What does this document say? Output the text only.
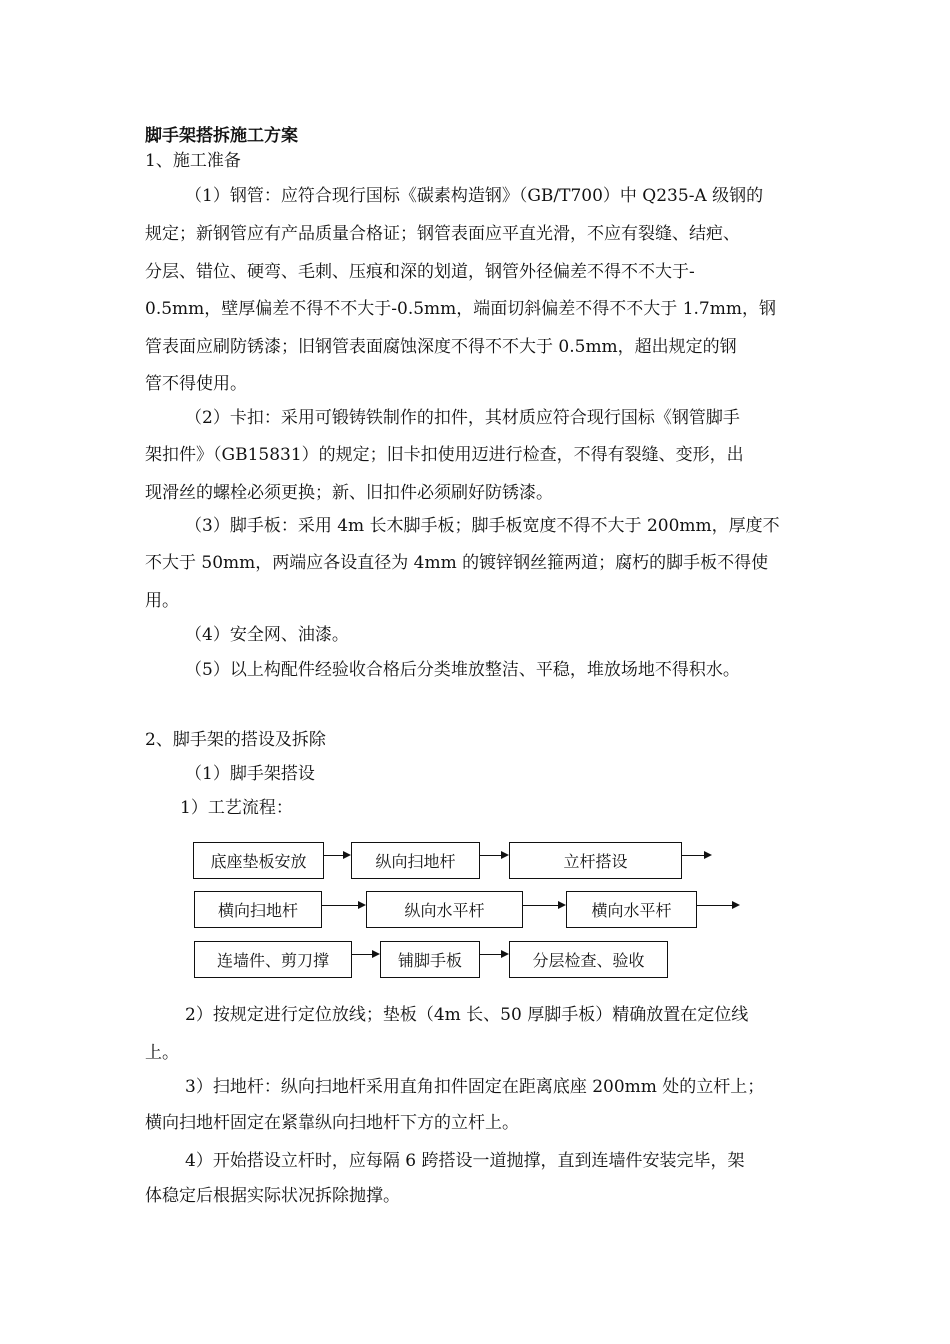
脚手架搭拆施工方案
1、施工准备
（1）钢管：应符合现行国标《碳素构造钢》（GB/T700）中 Q235-A 级钢的
规定；新钢管应有产品质量合格证；钢管表面应平直光滑，不应有裂缝、结疤、
分层、错位、硬弯、毛刺、压痕和深的划道，钢管外径偏差不得不不大于-
0.5mm，壁厚偏差不得不不大于-0.5mm，端面切斜偏差不得不不大于 1.7mm，钢
管表面应刷防锈漆；旧钢管表面腐蚀深度不得不不大于 0.5mm，超出规定的钢
管不得使用。
（2）卡扣：采用可锻铸铁制作的扣件，其材质应符合现行国标《钢管脚手
架扣件》（GB15831）的规定；旧卡扣使用迈进行检查，不得有裂缝、变形，出
现滑丝的螺栓必须更换；新、旧扣件必须刷好防锈漆。
（3）脚手板：采用 4m 长木脚手板；脚手板宽度不得不大于 200mm，厚度不
不大于 50mm，两端应各设直径为 4mm 的镀锌钢丝箍两道；腐朽的脚手板不得使
用。
（4）安全网、油漆。
（5）以上构配件经验收合格后分类堆放整洁、平稳，堆放场地不得积水。
2、脚手架的搭设及拆除
（1）脚手架搭设
1）工艺流程：
底座垫板安放	纵向扫地杆	立杆搭设
横向扫地杆	纵向水平杆	横向水平杆
连墙件、剪刀撑	铺脚手板	分层检查、验收
2）按规定进行定位放线；垫板（4m 长、50 厚脚手板）精确放置在定位线
上。
3）扫地杆：纵向扫地杆采用直角扣件固定在距离底座 200mm 处的立杆上；
横向扫地杆固定在紧靠纵向扫地杆下方的立杆上。
4）开始搭设立杆时，应每隔 6 跨搭设一道抛撑，直到连墙件安装完毕，架
体稳定后根据实际状况拆除抛撑。
